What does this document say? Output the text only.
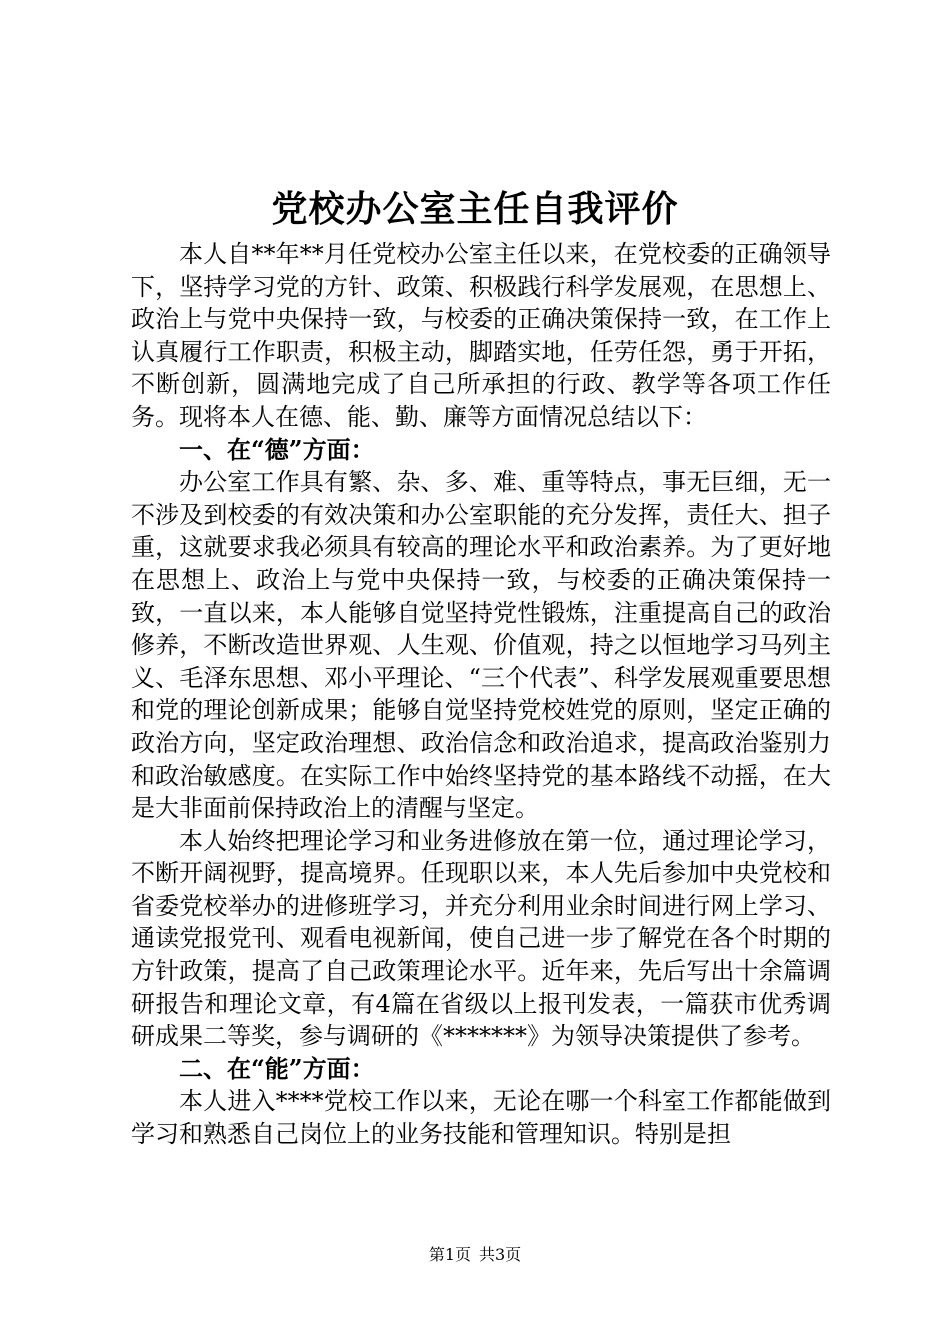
党校办公室主任自我评价

本人自**年**月任党校办公室主任以来，在党校委的正确领导下，坚持学习党的方针、政策、积极践行科学发展观，在思想上、政治上与党中央保持一致，与校委的正确决策保持一致，在工作上认真履行工作职责，积极主动，脚踏实地，任劳任怨，勇于开拓，不断创新，圆满地完成了自己所承担的行政、教学等各项工作任务。现将本人在德、能、勤、廉等方面情况总结以下：

一、在“德”方面：

办公室工作具有繁、杂、多、难、重等特点，事无巨细，无一不涉及到校委的有效决策和办公室职能的充分发挥，责任大、担子重，这就要求我必须具有较高的理论水平和政治素养。为了更好地在思想上、政治上与党中央保持一致，与校委的正确决策保持一致，一直以来，本人能够自觉坚持党性锻炼，注重提高自己的政治修养，不断改造世界观、人生观、价值观，持之以恒地学习马列主义、毛泽东思想、邓小平理论、“三个代表”、科学发展观重要思想和党的理论创新成果；能够自觉坚持党校姓党的原则，坚定正确的政治方向，坚定政治理想、政治信念和政治追求，提高政治鉴别力和政治敏感度。在实际工作中始终坚持党的基本路线不动摇，在大是大非面前保持政治上的清醒与坚定。

本人始终把理论学习和业务进修放在第一位，通过理论学习，不断开阔视野，提高境界。任现职以来，本人先后参加中央党校和省委党校举办的进修班学习，并充分利用业余时间进行网上学习、通读党报党刊、观看电视新闻，使自己进一步了解党在各个时期的方针政策，提高了自己政策理论水平。近年来，先后写出十余篇调研报告和理论文章，有4篇在省级以上报刊发表，一篇获市优秀调研成果二等奖，参与调研的《*******》为领导决策提供了参考。

二、在“能”方面：

本人进入****党校工作以来，无论在哪一个科室工作都能做到学习和熟悉自己岗位上的业务技能和管理知识。特别是担

第1页 共3页
